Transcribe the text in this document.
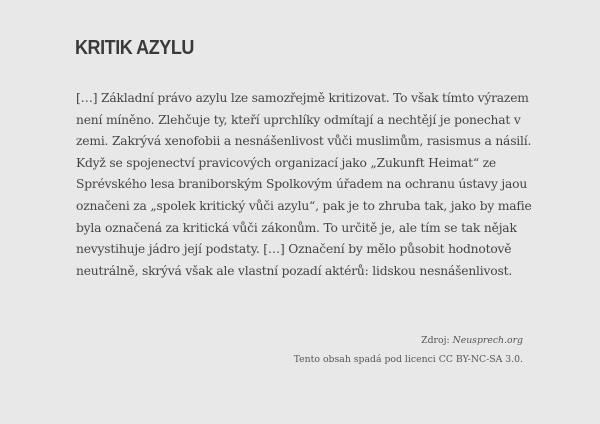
KRITIK AZYLU
[…] Základní právo azylu lze samozřejmě kritizovat. To však tímto výrazem
není míněno. Zlehčuje ty, kteří uprchlíky odmítají a nechtějí je ponechat v
zemi. Zakrývá xenofobii a nesnášenlivost vůči muslimům, rasismus a násilí.
Když se spojenectví pravicových organizací jako „Zukunft Heimat“ ze
Sprévského lesa braniborským Spolkovým úřadem na ochranu ústavy jaou
označeni za „spolek kritický vůči azylu“, pak je to zhruba tak, jako by mafie
byla označená za kritická vůči zákonům. To určitě je, ale tím se tak nějak
nevystihuje jádro její podstaty. […] Označení by mělo působit hodnotově
neutrálně, skrývá však ale vlastní pozadí aktérů: lidskou nesnášenlivost.
Zdroj: Neusprech.org
Tento obsah spadá pod licenci CC BY-NC-SA 3.0.
